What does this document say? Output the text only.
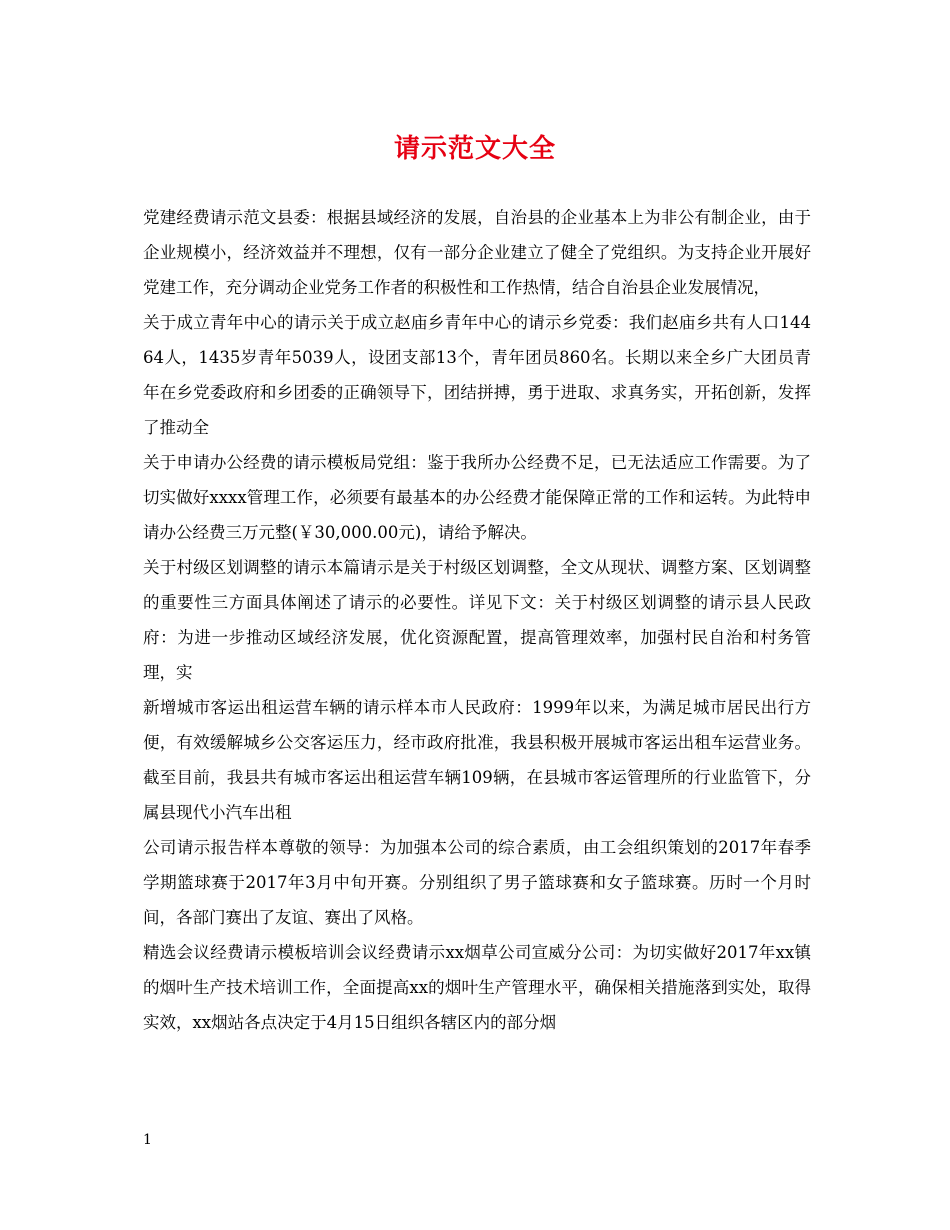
请示范文大全

党建经费请示范文县委：根据县域经济的发展，自治县的企业基本上为非公有制企业，由于企业规模小，经济效益并不理想，仅有一部分企业建立了健全了党组织。为支持企业开展好党建工作，充分调动企业党务工作者的积极性和工作热情，结合自治县企业发展情况，

关于成立青年中心的请示关于成立赵庙乡青年中心的请示乡党委：我们赵庙乡共有人口14464人，1435岁青年5039人，设团支部13个，青年团员860名。长期以来全乡广大团员青年在乡党委政府和乡团委的正确领导下，团结拼搏，勇于进取、求真务实，开拓创新，发挥了推动全

关于申请办公经费的请示模板局党组：鉴于我所办公经费不足，已无法适应工作需要。为了切实做好xxxx管理工作，必须要有最基本的办公经费才能保障正常的工作和运转。为此特申请办公经费三万元整(￥30,000.00元)，请给予解决。

关于村级区划调整的请示本篇请示是关于村级区划调整，全文从现状、调整方案、区划调整的重要性三方面具体阐述了请示的必要性。详见下文：关于村级区划调整的请示县人民政府：为进一步推动区域经济发展，优化资源配置，提高管理效率，加强村民自治和村务管理，实

新增城市客运出租运营车辆的请示样本市人民政府：1999年以来，为满足城市居民出行方便，有效缓解城乡公交客运压力，经市政府批准，我县积极开展城市客运出租车运营业务。截至目前，我县共有城市客运出租运营车辆109辆，在县城市客运管理所的行业监管下，分属县现代小汽车出租

公司请示报告样本尊敬的领导：为加强本公司的综合素质，由工会组织策划的2017年春季学期篮球赛于2017年3月中旬开赛。分别组织了男子篮球赛和女子篮球赛。历时一个月时间，各部门赛出了友谊、赛出了风格。

精选会议经费请示模板培训会议经费请示xx烟草公司宣威分公司：为切实做好2017年xx镇的烟叶生产技术培训工作，全面提高xx的烟叶生产管理水平，确保相关措施落到实处，取得实效，xx烟站各点决定于4月15日组织各辖区内的部分烟

1
